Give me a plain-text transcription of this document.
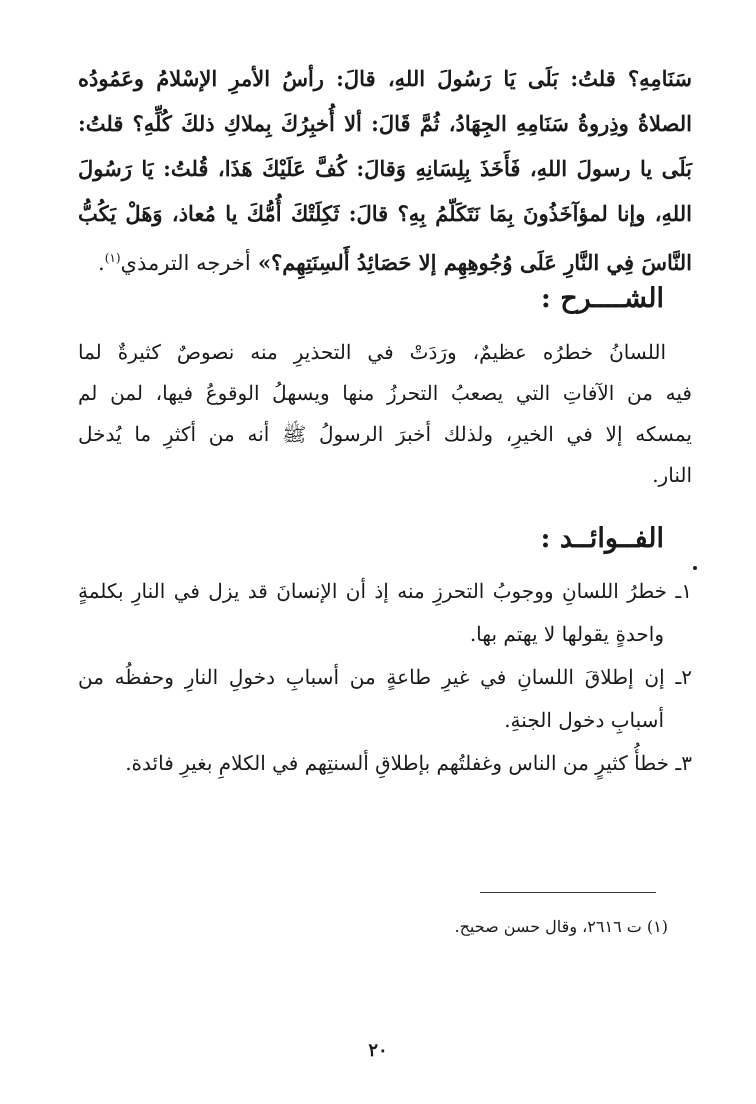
سَنَامِهِ؟ قلتُ: بَلَى يَا رَسُولَ اللهِ، قالَ: رأسُ الأمرِ الإسْلامُ وعَمُودُه
الصلاةُ وذِروةُ سَنَامِهِ الجِهَادُ، ثُمَّ قَالَ: ألا أُخبِرُكَ بِملاكِ ذلكَ كُلِّهِ؟ قلتُ:
بَلَى يا رسولَ اللهِ، فَأَخَذَ بِلِسَانِهِ وَقالَ: كُفَّ عَلَيْكَ هَذَا، قُلتُ: يَا رَسُولَ
اللهِ، وإنا لمؤآخَذُونَ بِمَا نَتَكَلّمُ بِهِ؟ قالَ: ثَكِلَتْكَ أُمُّكَ يا مُعاذ، وَهَلْ يَكُبُّ
النَّاسَ فِي النَّارِ عَلَى وُجُوهِهِم إلا حَصَائِدُ أَلسِنَتِهِم؟» أخرجه الترمذي$^{(١)}$.
الشــــرح :
اللسانُ خطرُه عظيمٌ، ورَدَتْ في التحذيرِ منه نصوصٌ كثيرةٌ لما
فيه من الآفاتِ التي يصعبُ التحرزُ منها ويسهلُ الوقوعُ فيها، لمن لم
يمسكه إلا في الخيرِ، ولذلك أخبرَ الرسولُ ﷺ أنه من أكثرِ ما يُدخل
النار.
الفــوائــد :
١ـ خطرُ اللسانِ ووجوبُ التحرزِ منه إذ أن الإنسانَ قد يزل في النارِ بكلمةٍ
واحدةٍ يقولها لا يهتم بها.
٢ـ إن إطلاقَ اللسانِ في غيرِ طاعةٍ من أسبابِ دخولِ النارِ وحفظُه من
أسبابِ دخول الجنةِ.
٣ـ خطأُ كثيرٍ من الناس وغفلتُهم بإطلاقِ ألسنتِهم في الكلامِ بغيرِ فائدة.
(١) ت ٢٦١٦، وقال حسن صحيح.
٢٠
